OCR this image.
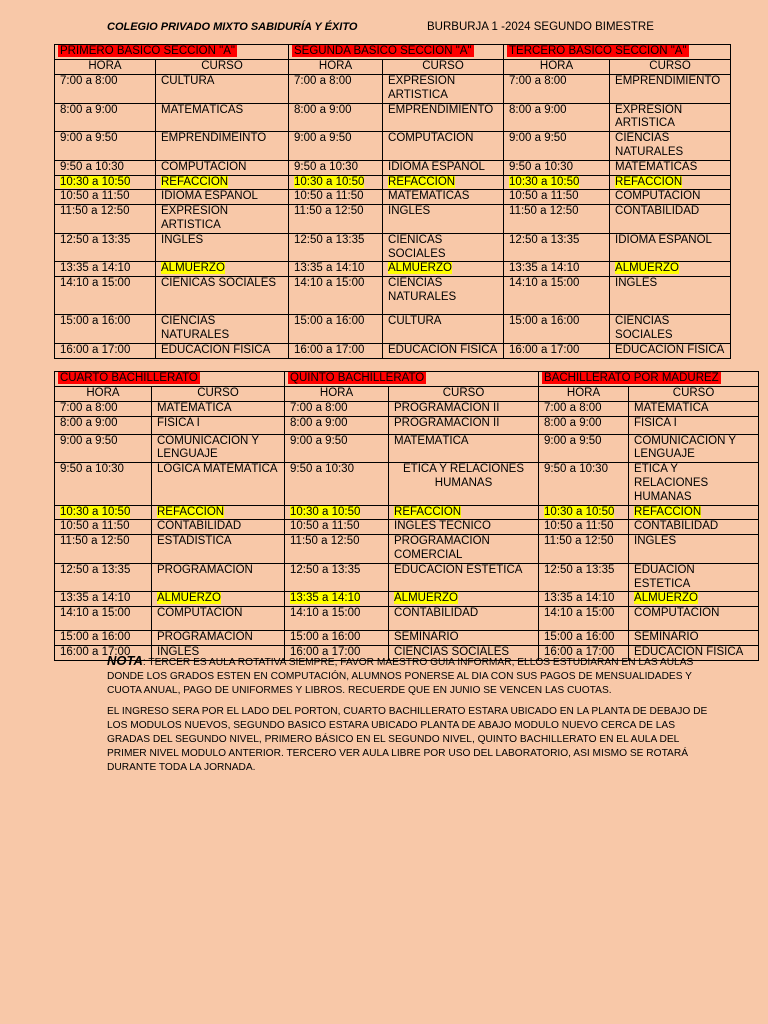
COLEGIO PRIVADO MIXTO SABIDURÍA Y ÉXITO	BURBURJA 1 -2024 SEGUNDO BIMESTRE
PRIMERO BÁSICO SECCIÓN "A"		SEGUNDA BÁSICO SECCIÓN "A"		TERCERO BÁSICO SECCIÓN "A"	
HORA	CURSO	HORA	CURSO	HORA	CURSO
7:00 a 8:00	CULTURA	7:00 a 8:00	EXPRESIÓN ARTISTICA	7:00 a 8:00	EMPRENDIMIENTO
8:00 a 9:00	MATEMÁTICAS	8:00 a 9:00	EMPRENDIMIENTO	8:00 a 9:00	EXPRESIÓN ARTISTICA
9:00 a 9:50	EMPRENDIMEINTO	9:00 a 9:50	COMPUTACIÓN	9:00 a 9:50	CIENCIAS NATURALES
9:50 a 10:30	COMPUTACIÓN	9:50 a 10:30	IDIOMA ESPAÑOL	9:50 a 10:30	MATEMÁTICAS
10:30 a 10:50	REFACCIÓN	10:30 a 10:50	REFACCIÓN	10:30 a 10:50	REFACCIÓN
10:50 a 11:50	IDIOMA ESPAÑOL	10:50 a 11:50	MATEMATICAS	10:50 a 11:50	COMPUTACIÓN
11:50 a 12:50	EXPRESIÓN ARTISTICA	11:50 a 12:50	INGLES	11:50 a 12:50	CONTABILIDAD
12:50 a 13:35	INGLES	12:50 a 13:35	CIENICAS SOCIALES	12:50 a 13:35	IDIOMA ESPAÑOL
13:35 a 14:10	ALMUERZO	13:35 a 14:10	ALMUERZO	13:35 a 14:10	ALMUERZO
14:10 a 15:00	CIENICAS SOCIALES	14:10 a 15:00	CIENCIAS NATURALES	14:10 a 15:00	INGLES
15:00 a 16:00	CIENCIAS NATURALES	15:00 a 16:00	CULTURA	15:00 a 16:00	CIENCIAS SOCIALES
16:00 a 17:00	EDUCACIÓN FISICA	16:00 a 17:00	EDUCACIÓN FISICA	16:00 a 17:00	EDUCACIÓN FISICA
CUARTO BACHILLERATO		QUINTO BACHILLERATO		BACHILLERATO POR MADUREZ	
HORA	CURSO	HORA	CURSO	HORA	CURSO
7:00 a 8:00	MATEMÁTICA	7:00 a 8:00	PROGRAMACIÓN II	7:00 a 8:00	MATEMÁTICA
8:00 a 9:00	FISICA I	8:00 a 9:00	PROGRAMACIÓN II	8:00 a 9:00	FISICA I
9:00 a 9:50	COMUNICACIÓN Y LENGUAJE	9:00 a 9:50	MATEMÁTICA	9:00 a 9:50	COMUNICACIÓN Y LENGUAJE
9:50 a 10:30	LÓGICA MATEMÁTICA	9:50 a 10:30	ETICA Y RELACIONES HUMANAS	9:50 a 10:30	ETICA Y RELACIONES HUMANAS
10:30 a 10:50	REFACCIÓN	10:30 a 10:50	REFACCIÓN	10:30 a 10:50	REFACCIÓN
10:50 a 11:50	CONTABILIDAD	10:50 a 11:50	INGLES TECNICO	10:50 a 11:50	CONTABILIDAD
11:50 a 12:50	ESTADISTICA	11:50 a 12:50	PROGRAMACIÓN COMERCIAL	11:50 a 12:50	INGLES
12:50 a 13:35	PROGRAMACIÓN	12:50 a 13:35	EDUCACIÓN ESTETICA	12:50 a 13:35	EDUACIÓN ESTETICA
13:35 a 14:10	ALMUERZO	13:35 a 14:10	ALMUERZO	13:35 a 14:10	ALMUERZO
14:10 a 15:00	COMPUTACIÓN	14:10 a 15:00	CONTABILIDAD	14:10 a 15:00	COMPUTACIÓN
15:00 a 16:00	PROGRAMACIÓN	15:00 a 16:00	SEMINARIO	15:00 a 16:00	SEMINARIO
16:00 a 17:00	INGLES	16:00 a 17:00	CIENCIAS SOCIALES	16:00 a 17:00	EDUCACIÓN FISICA

NOTA: TERCER ES AULA ROTATIVA SIEMPRE, FAVOR MAESTRO GUIA INFORMAR, ELLOS ESTUDIARAN EN LAS AULAS DONDE LOS GRADOS ESTEN EN COMPUTACIÓN, ALUMNOS PONERSE AL DIA CON SUS PAGOS DE MENSUALIDADES Y CUOTA ANUAL, PAGO DE UNIFORMES Y LIBROS. RECUERDE QUE EN JUNIO SE VENCEN LAS CUOTAS.

EL INGRESO SERA POR EL LADO DEL PORTON, CUARTO BACHILLERATO ESTARA UBICADO EN LA PLANTA DE DEBAJO DE LOS MODULOS NUEVOS, SEGUNDO BASICO ESTARA UBICADO PLANTA DE ABAJO MODULO NUEVO CERCA DE LAS GRADAS DEL SEGUNDO NIVEL, PRIMERO BÁSICO EN EL SEGUNDO NIVEL, QUINTO BACHILLERATO EN EL AULA DEL PRIMER NIVEL MODULO ANTERIOR. TERCERO VER AULA LIBRE POR USO DEL LABORATORIO, ASI MISMO SE ROTARÁ DURANTE TODA LA JORNADA.
